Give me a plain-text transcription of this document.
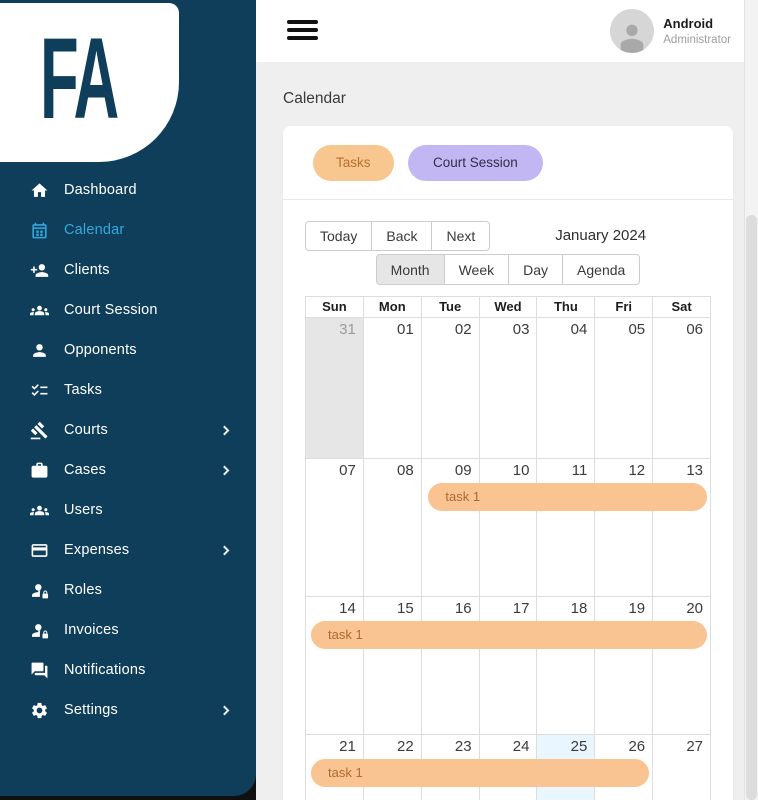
FA
Dashboard
Calendar
Clients
Court Session
Opponents
Tasks
Courts
Cases
Users
Expenses
Roles
Invoices
Notifications
Settings
Android
Administrator
Calendar
Tasks	Court Session
Today	Back	Next	January 2024
Month	Week	Day	Agenda
Sun	Mon	Tue	Wed	Thu	Fri	Sat
31	01	02	03	04	05	06
07	08	09	10	11	12	13
task 1
14	15	16	17	18	19	20
task 1
21	22	23	24	25	26	27
task 1
